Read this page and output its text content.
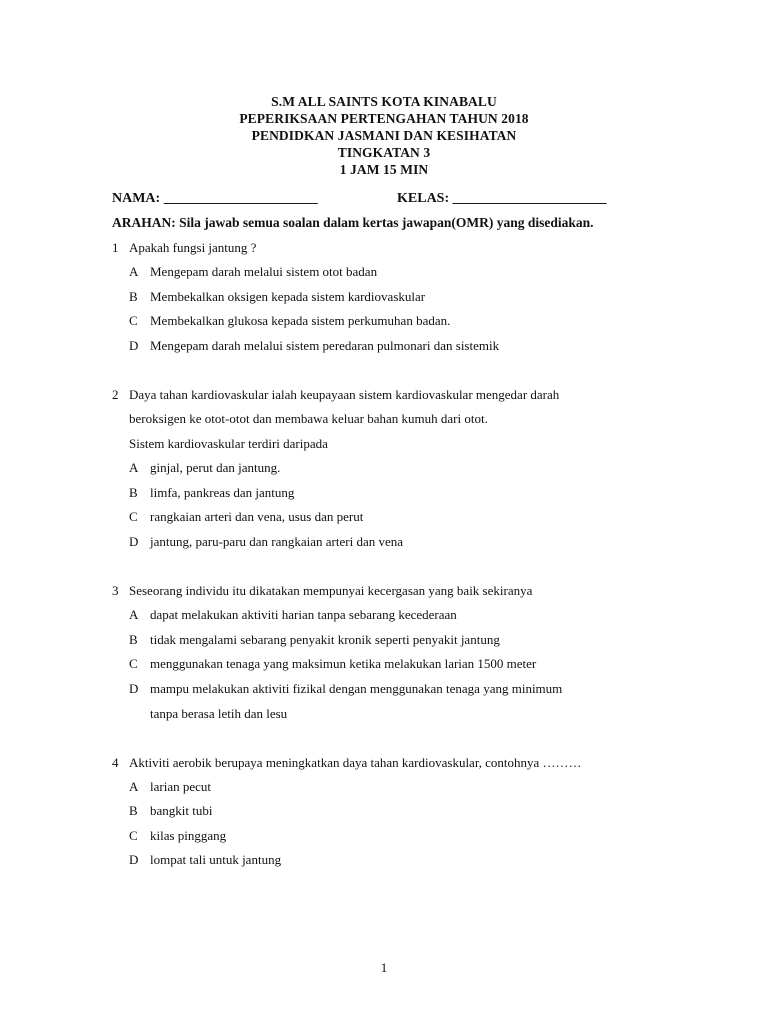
S.M ALL SAINTS KOTA KINABALU
PEPERIKSAAN PERTENGAHAN TAHUN 2018
PENDIDKAN JASMANI DAN KESIHATAN
TINGKATAN 3
1 JAM 15 MIN
NAMA: ______________________	KELAS: ______________________
ARAHAN: Sila jawab semua soalan dalam kertas jawapan(OMR) yang disediakan.
1 Apakah fungsi jantung ?
A Mengepam darah melalui sistem otot badan
B Membekalkan oksigen kepada sistem kardiovaskular
C Membekalkan glukosa kepada sistem perkumuhan badan.
D Mengepam darah melalui sistem peredaran pulmonari dan sistemik
2 Daya tahan kardiovaskular ialah keupayaan sistem kardiovaskular mengedar darah
beroksigen ke otot-otot dan membawa keluar bahan kumuh dari otot.
Sistem kardiovaskular terdiri daripada
A ginjal, perut dan jantung.
B limfa, pankreas dan jantung
C rangkaian arteri dan vena, usus dan perut
D jantung, paru-paru dan rangkaian arteri dan vena
3 Seseorang individu itu dikatakan mempunyai kecergasan yang baik sekiranya
A dapat melakukan aktiviti harian tanpa sebarang kecederaan
B tidak mengalami sebarang penyakit kronik seperti penyakit jantung
C menggunakan tenaga yang maksimun ketika melakukan larian 1500 meter
D mampu melakukan aktiviti fizikal dengan menggunakan tenaga yang minimum
tanpa berasa letih dan lesu
4 Aktiviti aerobik berupaya meningkatkan daya tahan kardiovaskular, contohnya ………
A larian pecut
B bangkit tubi
C kilas pinggang
D lompat tali untuk jantung
1
